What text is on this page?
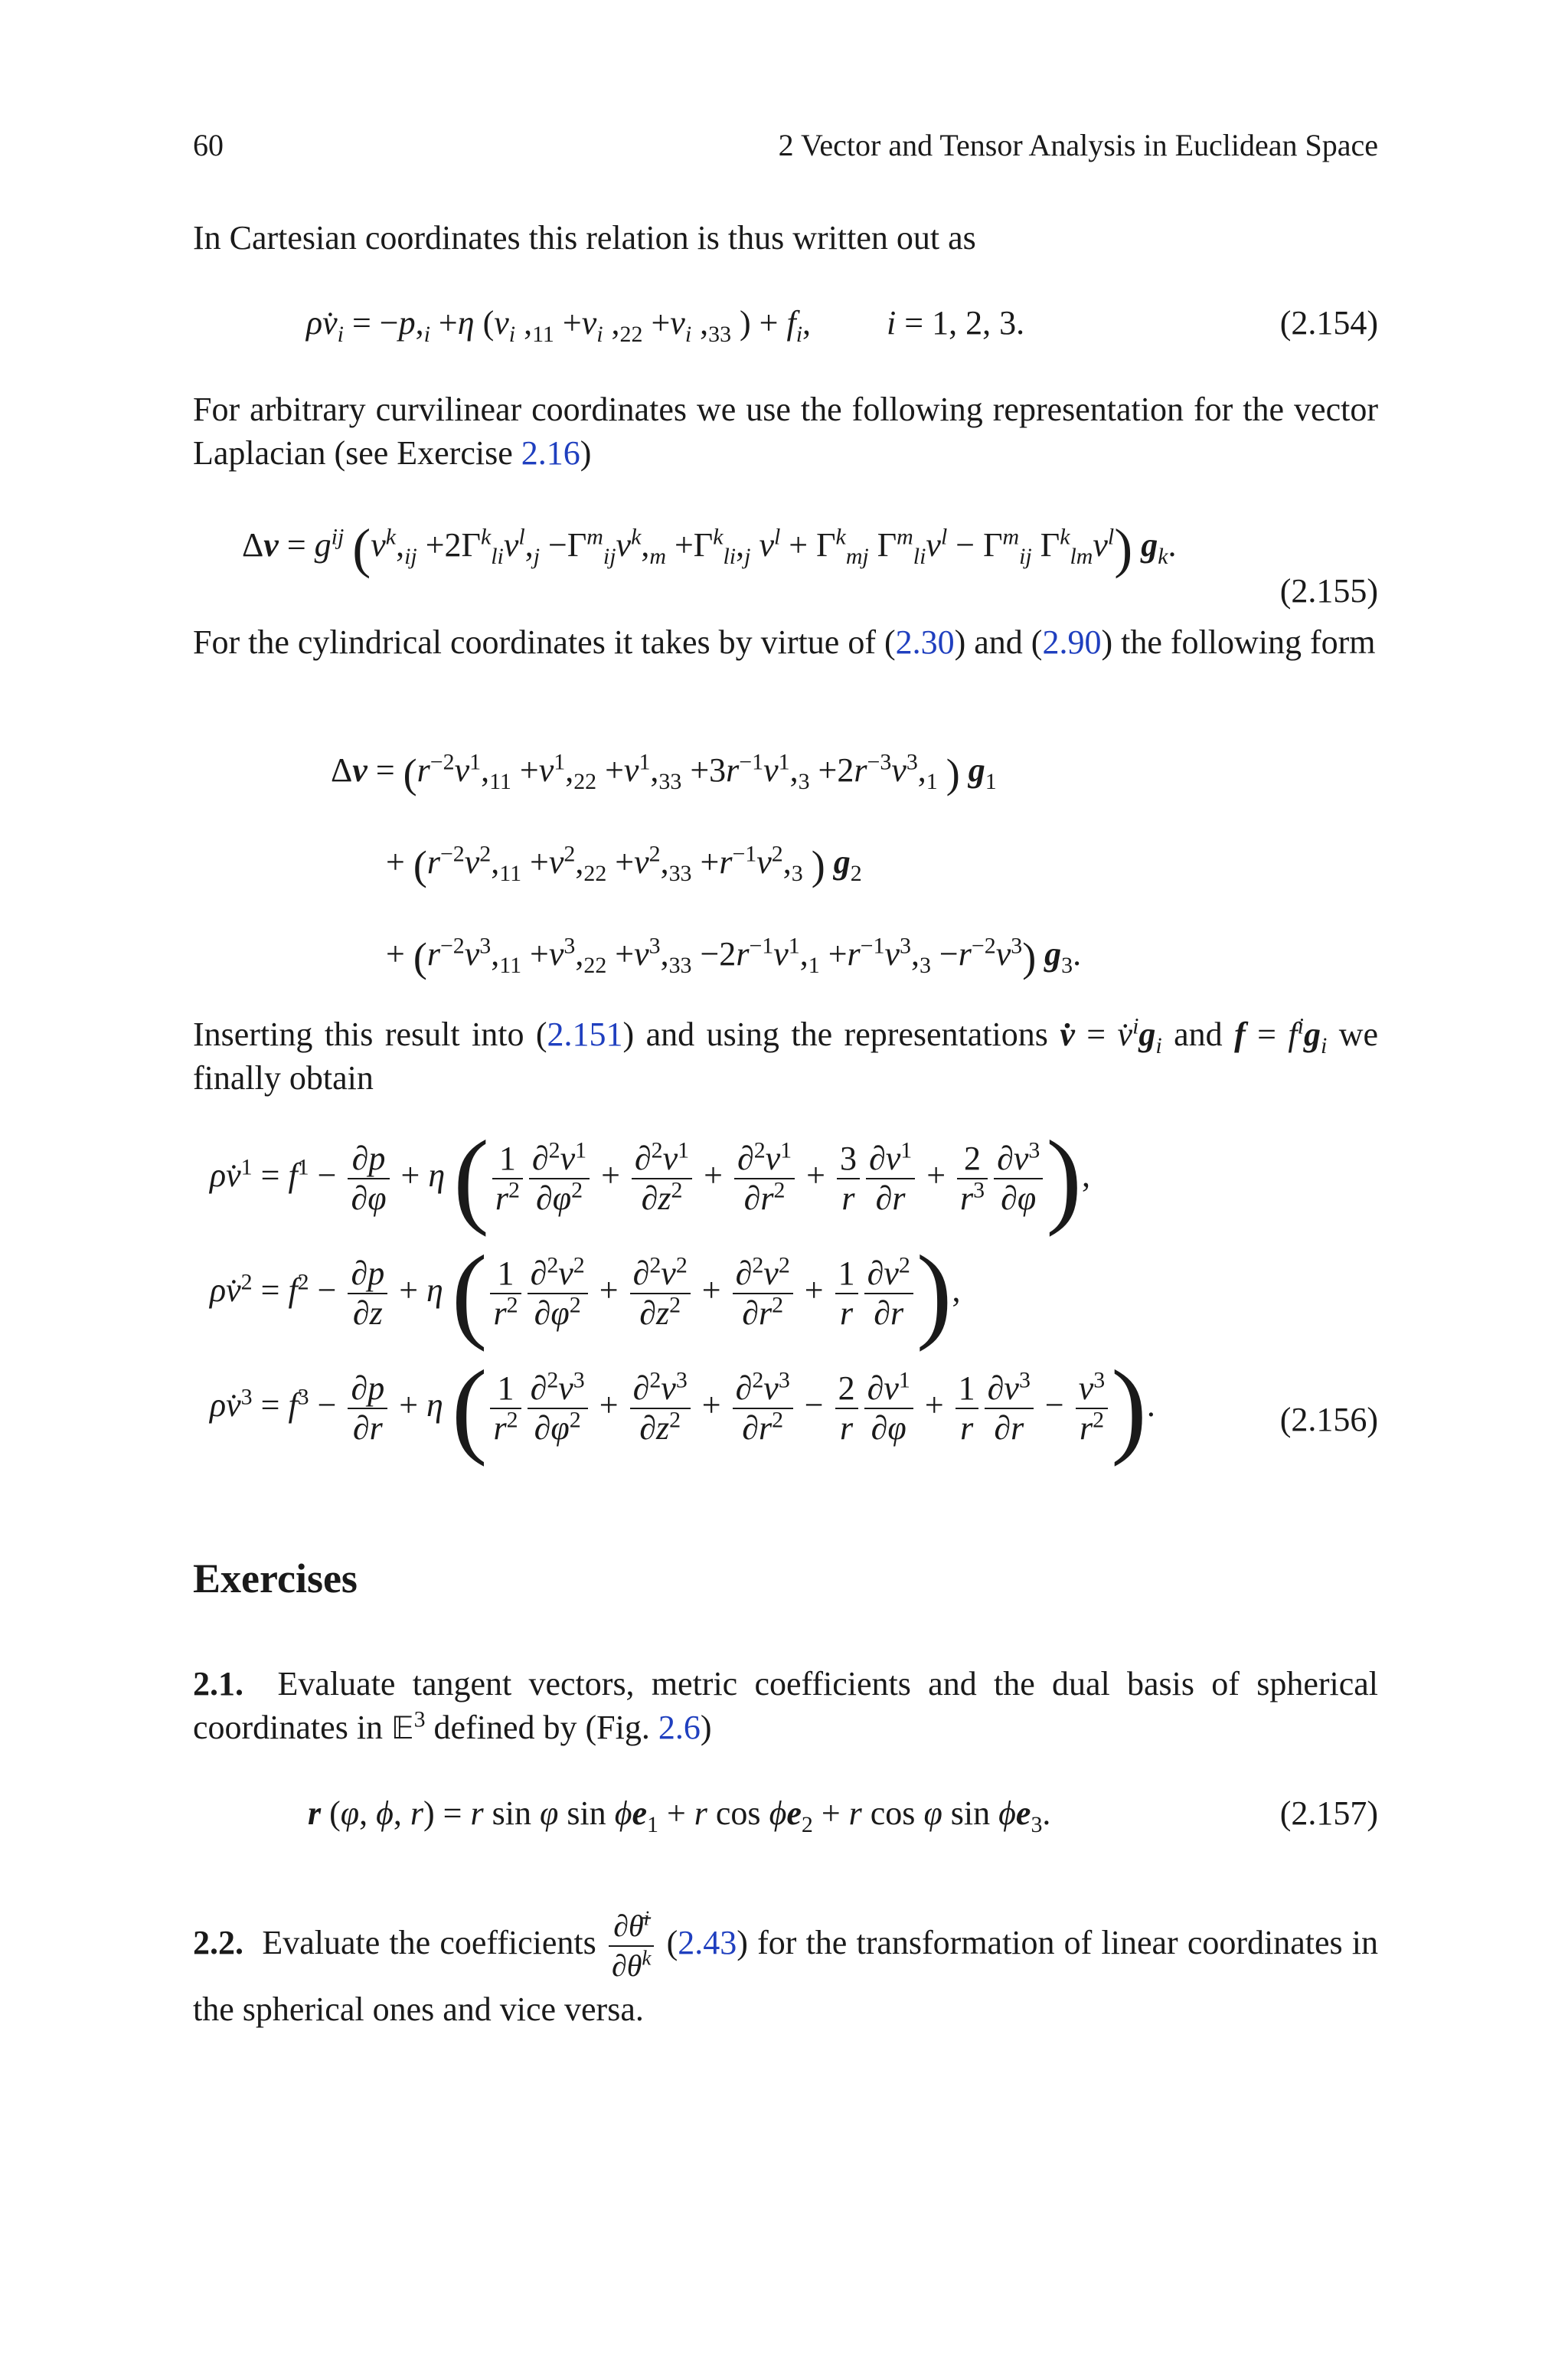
60	2 Vector and Tensor Analysis in Euclidean Space
In Cartesian coordinates this relation is thus written out as
$\rho v̇_i = -p,_i +\eta$ ($v_i$ $,_{11} +v_i$ $,_{22} +v_i$ $,_{33}$ ) + $f_i$,         i = 1, 2, 3.	(2.154)
For arbitrary curvilinear coordinates we use the following representation for the vector Laplacian (see Exercise 2.16)
$\Delta v = g^{ij}$ ($v^k,_{ij} +2\Gamma^k_{li}v^l,_j -\Gamma^m_{ij}v^k,_m +\Gamma^k_{li},_j$ $v^l + \Gamma^k_{mj}$ $\Gamma^m_{li}v^l - \Gamma^m_{ij}$ $\Gamma^k_{lm}v^l$) $g_k$.
(2.155)
For the cylindrical coordinates it takes by virtue of (2.30) and (2.90) the following form
$\Delta v = (r^{-2}v^1,_{11} +v^1,_{22} +v^1,_{33} +3r^{-1}v^1,_3 +2r^{-3}v^3,_1$ ) $g_1$
+ ($r^{-2}v^2,_{11} +v^2,_{22} +v^2,_{33} +r^{-1}v^2,_3$ ) $g_2$
+ $(r^{-2}v^3,_{11} +v^3,_{22} +v^3,_{33} -2r^{-1}v^1,_1 +r^{-1}v^3,_3 -r^{-2}v^3)$ $g_3$.
Inserting this result into (2.151) and using the representations v̇ = $v̇^ig_i$ and $f = f^ig_i$ we finally obtain
ρv̇$^1$ = $f^1 - \frac{\partial p}{\partial\varphi} + \eta$ ( $\frac{1}{r^2} \frac{\partial^2v^1}{\partial\varphi^2} + \frac{\partial^2v^1}{\partial z^2} + \frac{\partial^2v^1}{\partial r^2} + \frac{3}{r} \frac{\partial v^1}{\partial r} + \frac{2}{r^3} \frac{\partial v^3}{\partial\varphi}$ ),
ρv̇$^2$ = $f^2 - \frac{\partial p}{\partial z} + \eta$ ( $\frac{1}{r^2} \frac{\partial^2v^2}{\partial\varphi^2} + \frac{\partial^2v^2}{\partial z^2} + \frac{\partial^2v^2}{\partial r^2} + \frac{1}{r} \frac{\partial v^2}{\partial r}$ ),
ρv̇$^3$ = $f^3 - \frac{\partial p}{\partial r} + \eta$ ( $\frac{1}{r^2} \frac{\partial^2v^3}{\partial\varphi^2} + \frac{\partial^2v^3}{\partial z^2} + \frac{\partial^2v^3}{\partial r^2} - \frac{2}{r} \frac{\partial v^1}{\partial\varphi} + \frac{1}{r} \frac{\partial v^3}{\partial r} - \frac{v^3}{r^2}$ ).	(2.156)
Exercises
2.1. Evaluate tangent vectors, metric coefficients and the dual basis of spherical coordinates in 𝔼$^3$ defined by (Fig. 2.6)
r (φ, ϕ, r) = r sin φ $\sin \phi e_1 + r$ $\cos \phi e_2 + r$ cos φ $\sin \phi e_3$.	(2.157)
2.2. Evaluate the coefficients $\frac{\partial\thetā^i}{\partial\theta^k} (2.43)$ for the transformation of linear coordinates in the spherical ones and vice versa.
